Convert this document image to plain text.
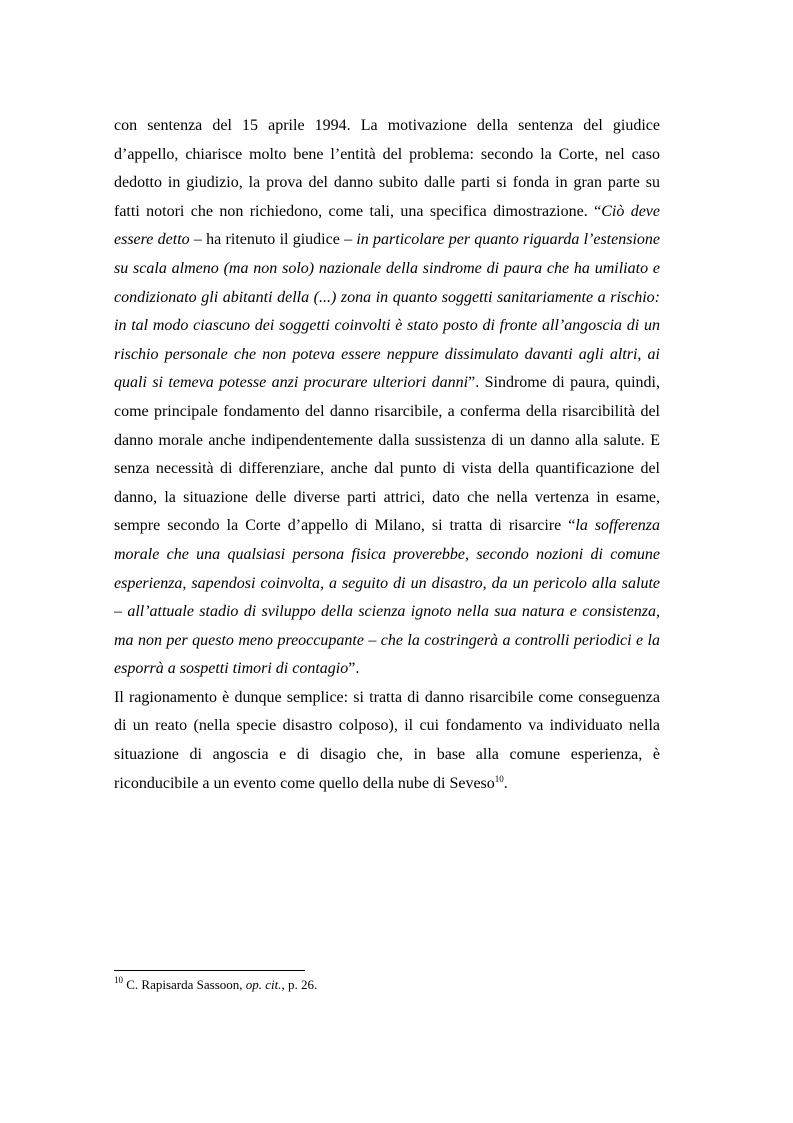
con sentenza del 15 aprile 1994. La motivazione della sentenza del giudice d’appello, chiarisce molto bene l’entità del problema: secondo la Corte, nel caso dedotto in giudizio, la prova del danno subito dalle parti si fonda in gran parte su fatti notori che non richiedono, come tali, una specifica dimostrazione. “Ciò deve essere detto – ha ritenuto il giudice – in particolare per quanto riguarda l’estensione su scala almeno (ma non solo) nazionale della sindrome di paura che ha umiliato e condizionato gli abitanti della (...) zona in quanto soggetti sanitariamente a rischio: in tal modo ciascuno dei soggetti coinvolti è stato posto di fronte all’angoscia di un rischio personale che non poteva essere neppure dissimulato davanti agli altri, ai quali si temeva potesse anzi procurare ulteriori danni”. Sindrome di paura, quindi, come principale fondamento del danno risarcibile, a conferma della risarcibilità del danno morale anche indipendentemente dalla sussistenza di un danno alla salute. E senza necessità di differenziare, anche dal punto di vista della quantificazione del danno, la situazione delle diverse parti attrici, dato che nella vertenza in esame, sempre secondo la Corte d’appello di Milano, si tratta di risarcire “la sofferenza morale che una qualsiasi persona fisica proverebbe, secondo nozioni di comune esperienza, sapendosi coinvolta, a seguito di un disastro, da un pericolo alla salute – all’attuale stadio di sviluppo della scienza ignoto nella sua natura e consistenza, ma non per questo meno preoccupante – che la costringerà a controlli periodici e la esporrà a sospetti timori di contagio”.

Il ragionamento è dunque semplice: si tratta di danno risarcibile come conseguenza di un reato (nella specie disastro colposo), il cui fondamento va individuato nella situazione di angoscia e di disagio che, in base alla comune esperienza, è riconducibile a un evento come quello della nube di Seveso$^{10}$.

$^{10}$ C. Rapisarda Sassoon, op. cit., p. 26.
